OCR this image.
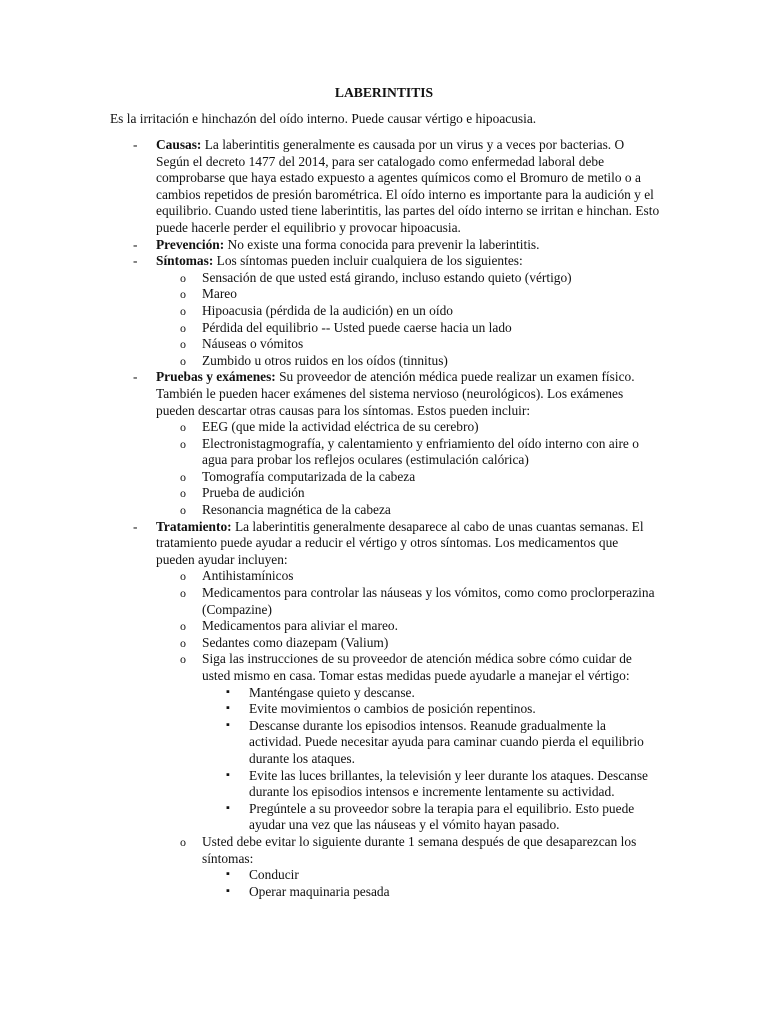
LABERINTITIS
Es la irritación e hinchazón del oído interno. Puede causar vértigo e hipoacusia.
- Causas: La laberintitis generalmente es causada por un virus y a veces por bacterias. O Según el decreto 1477 del 2014, para ser catalogado como enfermedad laboral debe comprobarse que haya estado expuesto a agentes químicos como el Bromuro de metilo o a cambios repetidos de presión barométrica. El oído interno es importante para la audición y el equilibrio. Cuando usted tiene laberintitis, las partes del oído interno se irritan e hinchan. Esto puede hacerle perder el equilibrio y provocar hipoacusia.
- Prevención: No existe una forma conocida para prevenir la laberintitis.
- Síntomas: Los síntomas pueden incluir cualquiera de los siguientes:
o Sensación de que usted está girando, incluso estando quieto (vértigo)
o Mareo
o Hipoacusia (pérdida de la audición) en un oído
o Pérdida del equilibrio -- Usted puede caerse hacia un lado
o Náuseas o vómitos
o Zumbido u otros ruidos en los oídos (tinnitus)
- Pruebas y exámenes: Su proveedor de atención médica puede realizar un examen físico. También le pueden hacer exámenes del sistema nervioso (neurológicos). Los exámenes pueden descartar otras causas para los síntomas. Estos pueden incluir:
o EEG (que mide la actividad eléctrica de su cerebro)
o Electronistagmografía, y calentamiento y enfriamiento del oído interno con aire o agua para probar los reflejos oculares (estimulación calórica)
o Tomografía computarizada de la cabeza
o Prueba de audición
o Resonancia magnética de la cabeza
- Tratamiento: La laberintitis generalmente desaparece al cabo de unas cuantas semanas. El tratamiento puede ayudar a reducir el vértigo y otros síntomas. Los medicamentos que pueden ayudar incluyen:
o Antihistamínicos
o Medicamentos para controlar las náuseas y los vómitos, como como proclorperazina (Compazine)
o Medicamentos para aliviar el mareo.
o Sedantes como diazepam (Valium)
o Siga las instrucciones de su proveedor de atención médica sobre cómo cuidar de usted mismo en casa. Tomar estas medidas puede ayudarle a manejar el vértigo:
▪ Manténgase quieto y descanse.
▪ Evite movimientos o cambios de posición repentinos.
▪ Descanse durante los episodios intensos. Reanude gradualmente la actividad. Puede necesitar ayuda para caminar cuando pierda el equilibrio durante los ataques.
▪ Evite las luces brillantes, la televisión y leer durante los ataques. Descanse durante los episodios intensos e incremente lentamente su actividad.
▪ Pregúntele a su proveedor sobre la terapia para el equilibrio. Esto puede ayudar una vez que las náuseas y el vómito hayan pasado.
o Usted debe evitar lo siguiente durante 1 semana después de que desaparezcan los síntomas:
▪ Conducir
▪ Operar maquinaria pesada
